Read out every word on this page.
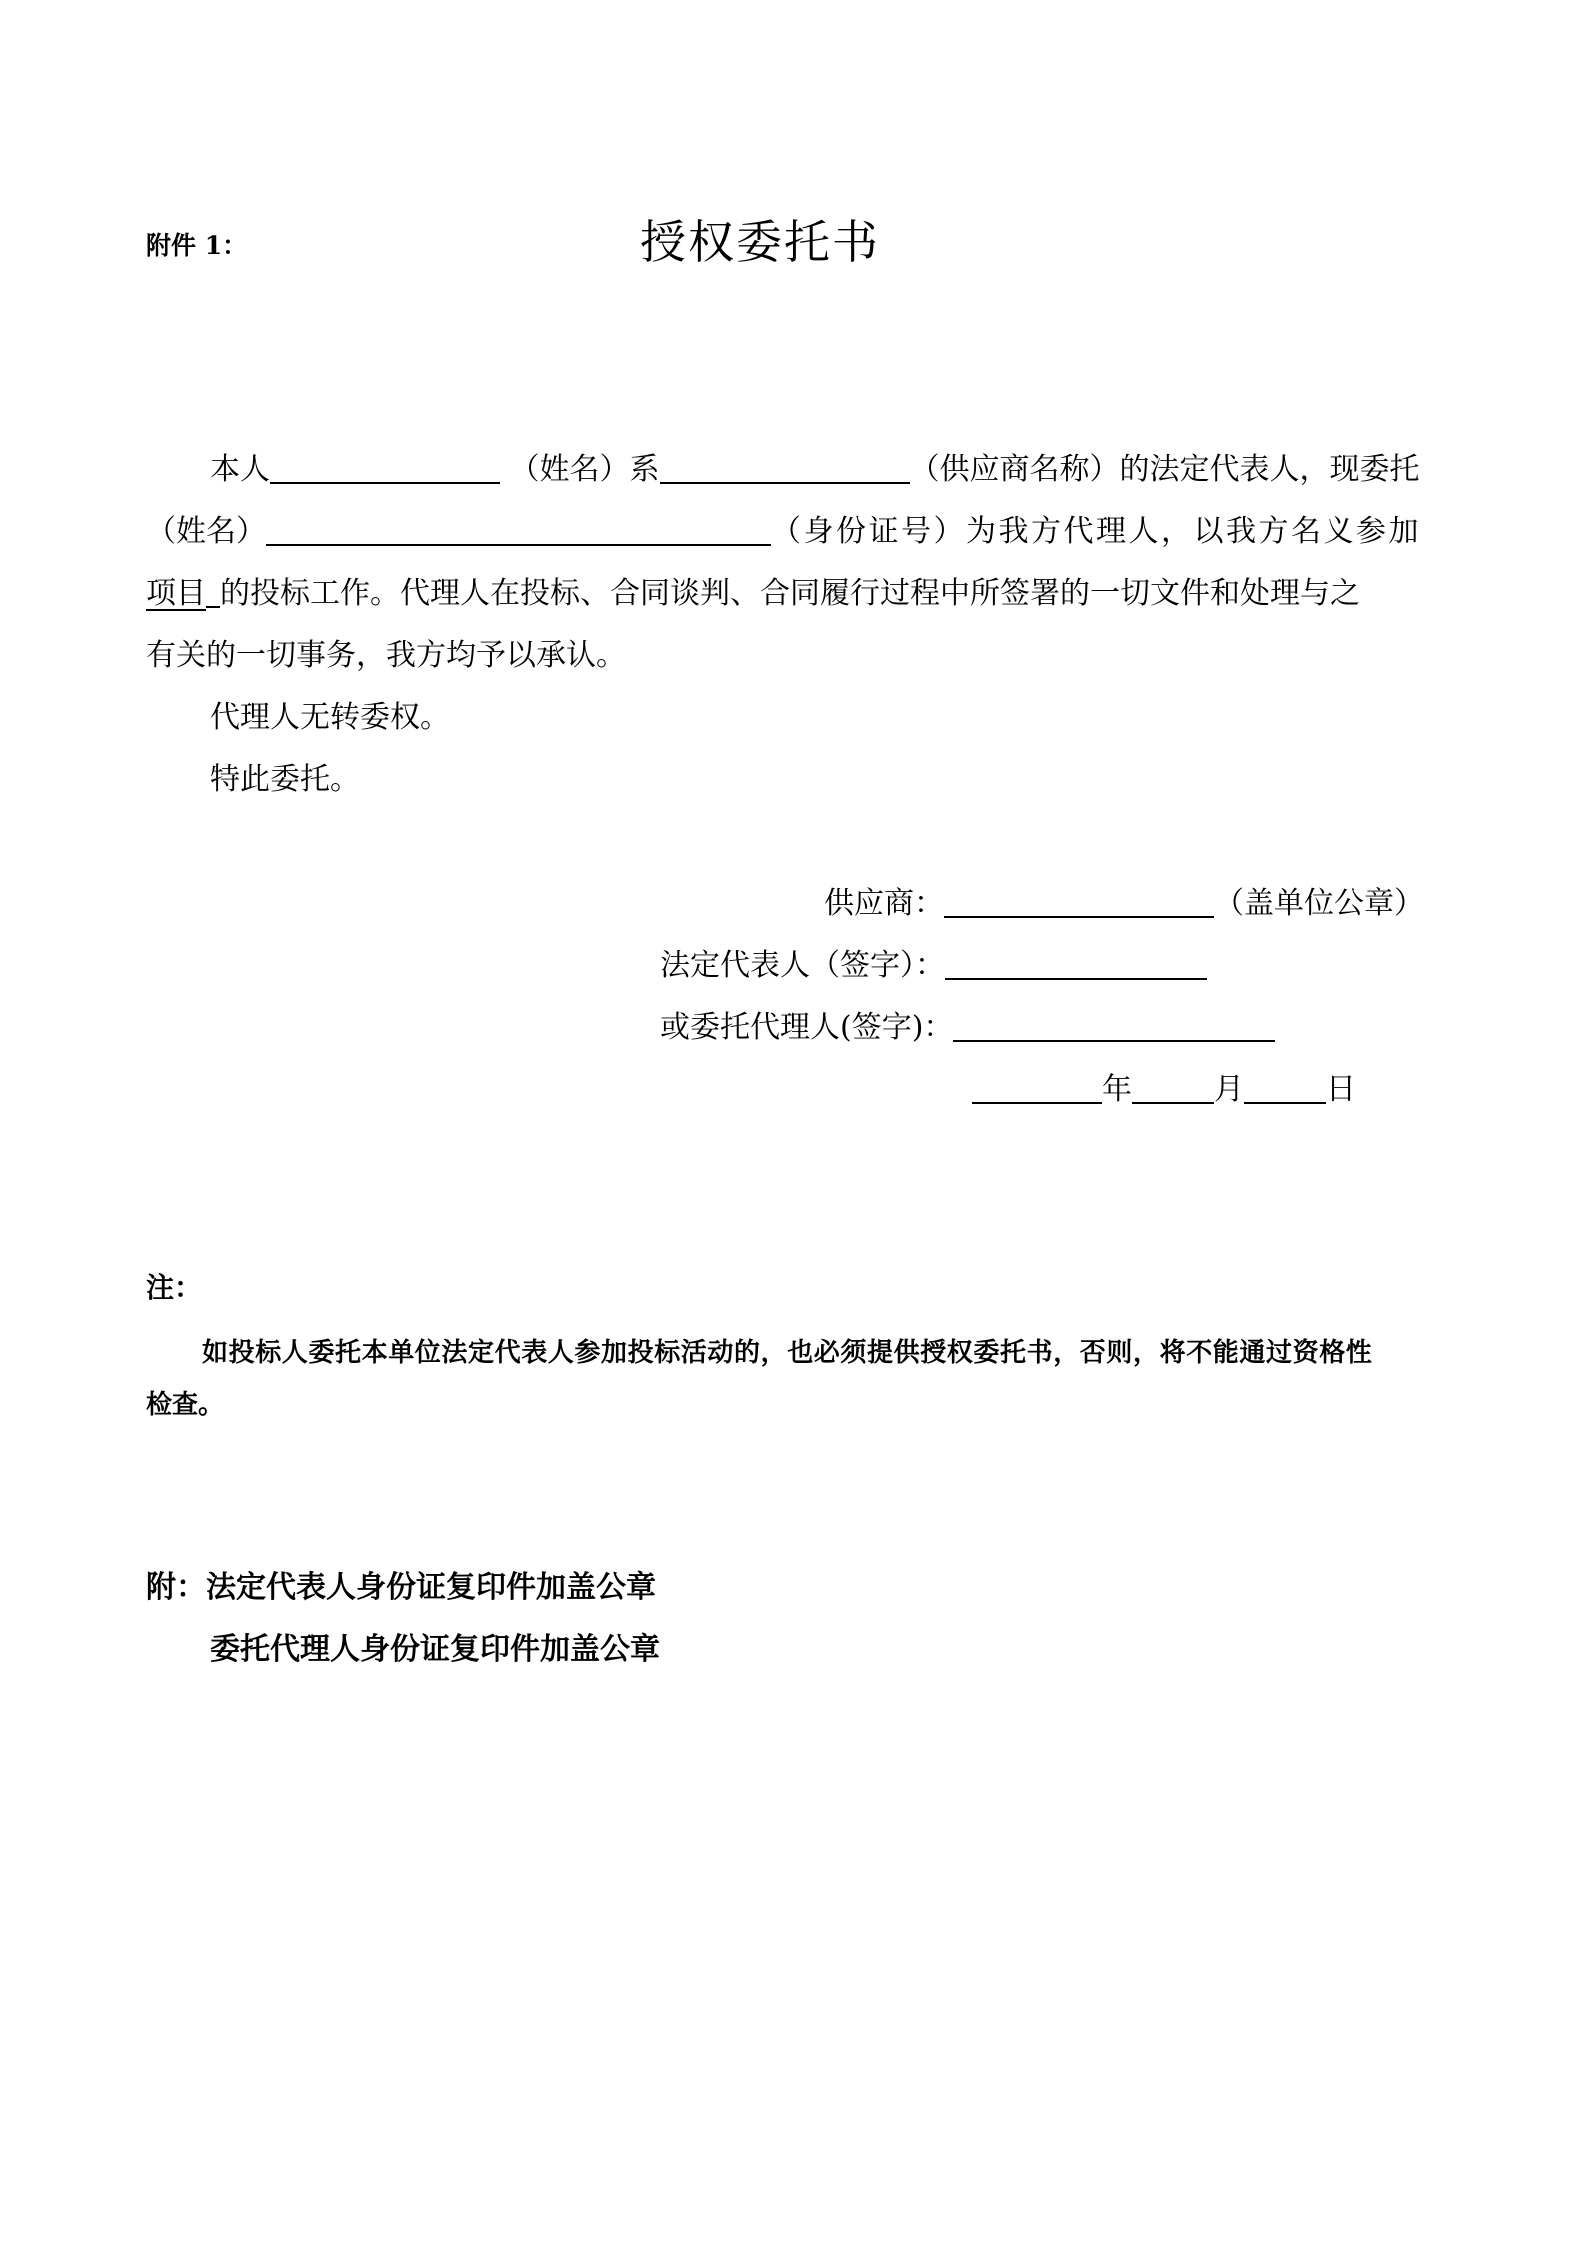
附件 1：	授权委托书
本人	（姓名）系	（供应商名称）的法定代表人，现委托
（姓名）	（身份证号）为我方代理人，以我方名义参加
项目 的投标工作。代理人在投标、合同谈判、合同履行过程中所签署的一切文件和处理与之
有关的一切事务，我方均予以承认。
代理人无转委权。
特此委托。
供应商：	（盖单位公章）
法定代表人（签字）：
或委托代理人(签字)：
年	月	日
注：
如投标人委托本单位法定代表人参加投标活动的，也必须提供授权委托书，否则，将不能通过资格性
检查。
附：法定代表人身份证复印件加盖公章
委托代理人身份证复印件加盖公章
